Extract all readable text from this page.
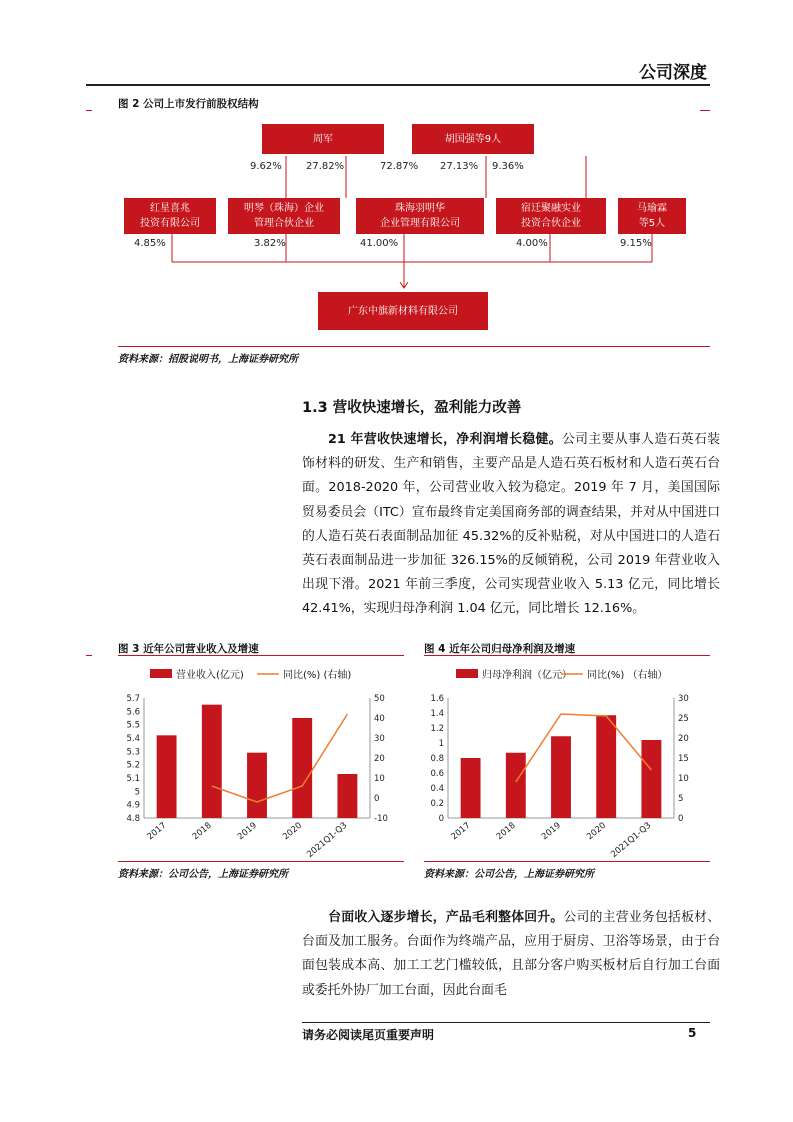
公司深度
图 2 公司上市发行前股权结构
周军	胡国强等9人
9.62% 27.82%	72.87% 27.13% 9.36%
红星喜兆
投资有限公司
明琴（珠海）企业
管理合伙企业
珠海羽明华
企业管理有限公司
宿迁聚融实业
投资合伙企业
马瑜霖
等5人
4.85%	3.82%	41.00%	4.00%	9.15%
广东中旗新材料有限公司
资料来源：招股说明书，上海证券研究所
1.3 营收快速增长，盈利能力改善
21 年营收快速增长，净利润增长稳健。公司主要从事人造石英石装饰材料的研发、生产和销售，主要产品是人造石英石板材和人造石英石台面。2018-2020 年，公司营业收入较为稳定。2019 年 7 月，美国国际贸易委员会（ITC）宣布最终肯定美国商务部的调查结果，并对从中国进口的人造石英石表面制品加征 45.32%的反补贴税，对从中国进口的人造石英石表面制品进一步加征 326.15%的反倾销税，公司 2019 年营业收入出现下滑。2021 年前三季度，公司实现营业收入 5.13 亿元，同比增长 42.41%，实现归母净利润 1.04 亿元，同比增长 12.16%。
图 3 近年公司营业收入及增速	图 4 近年公司归母净利润及增速
营业收入(亿元)	同比(%) (右轴)
4.8
4.9
5
5.1
5.2
5.3
5.4
5.5
5.6
5.7
-10
0
10
20
30
40
50
2017	2018	2019	2020 2021Q1-Q3
归母净利润（亿元） 同比(%) （右轴）
0
0.2
0.4
0.6
0.8
1
1.2
1.4
1.6
0
5
10
15
20
25
30
2017	2018	2019	2020 2021Q1-Q3
资料来源：公司公告，上海证券研究所	资料来源：公司公告，上海证券研究所
台面收入逐步增长，产品毛利整体回升。公司的主营业务包括板材、台面及加工服务。台面作为终端产品，应用于厨房、卫浴等场景，由于台面包装成本高、加工工艺门槛较低，且部分客户购买板材后自行加工台面或委托外协厂加工台面，因此台面毛
请务必阅读尾页重要声明	5
